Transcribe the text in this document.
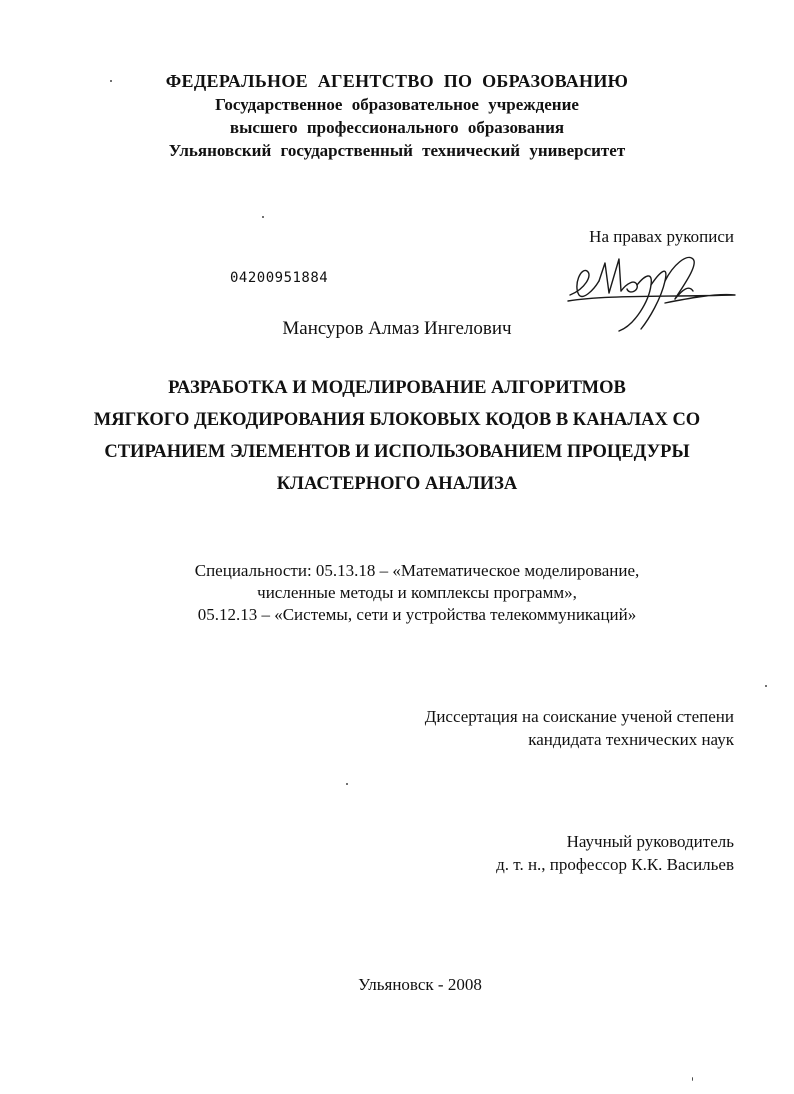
ФЕДЕРАЛЬНОЕ АГЕНТСТВО ПО ОБРАЗОВАНИЮ
Государственное образовательное учреждение
высшего профессионального образования
Ульяновский государственный технический университет
На правах рукописи
04200951884
Мансуров Алмаз Ингелович
РАЗРАБОТКА И МОДЕЛИРОВАНИЕ АЛГОРИТМОВ
МЯГКОГО ДЕКОДИРОВАНИЯ БЛОКОВЫХ КОДОВ В КАНАЛАХ СО
СТИРАНИЕМ ЭЛЕМЕНТОВ И ИСПОЛЬЗОВАНИЕМ ПРОЦЕДУРЫ
КЛАСТЕРНОГО АНАЛИЗА
Специальности: 05.13.18 – «Математическое моделирование,
численные методы и комплексы программ»,
05.12.13 – «Системы, сети и устройства телекоммуникаций»
Диссертация на соискание ученой степени
кандидата технических наук
Научный руководитель
д. т. н., профессор К.К. Васильев
Ульяновск - 2008
